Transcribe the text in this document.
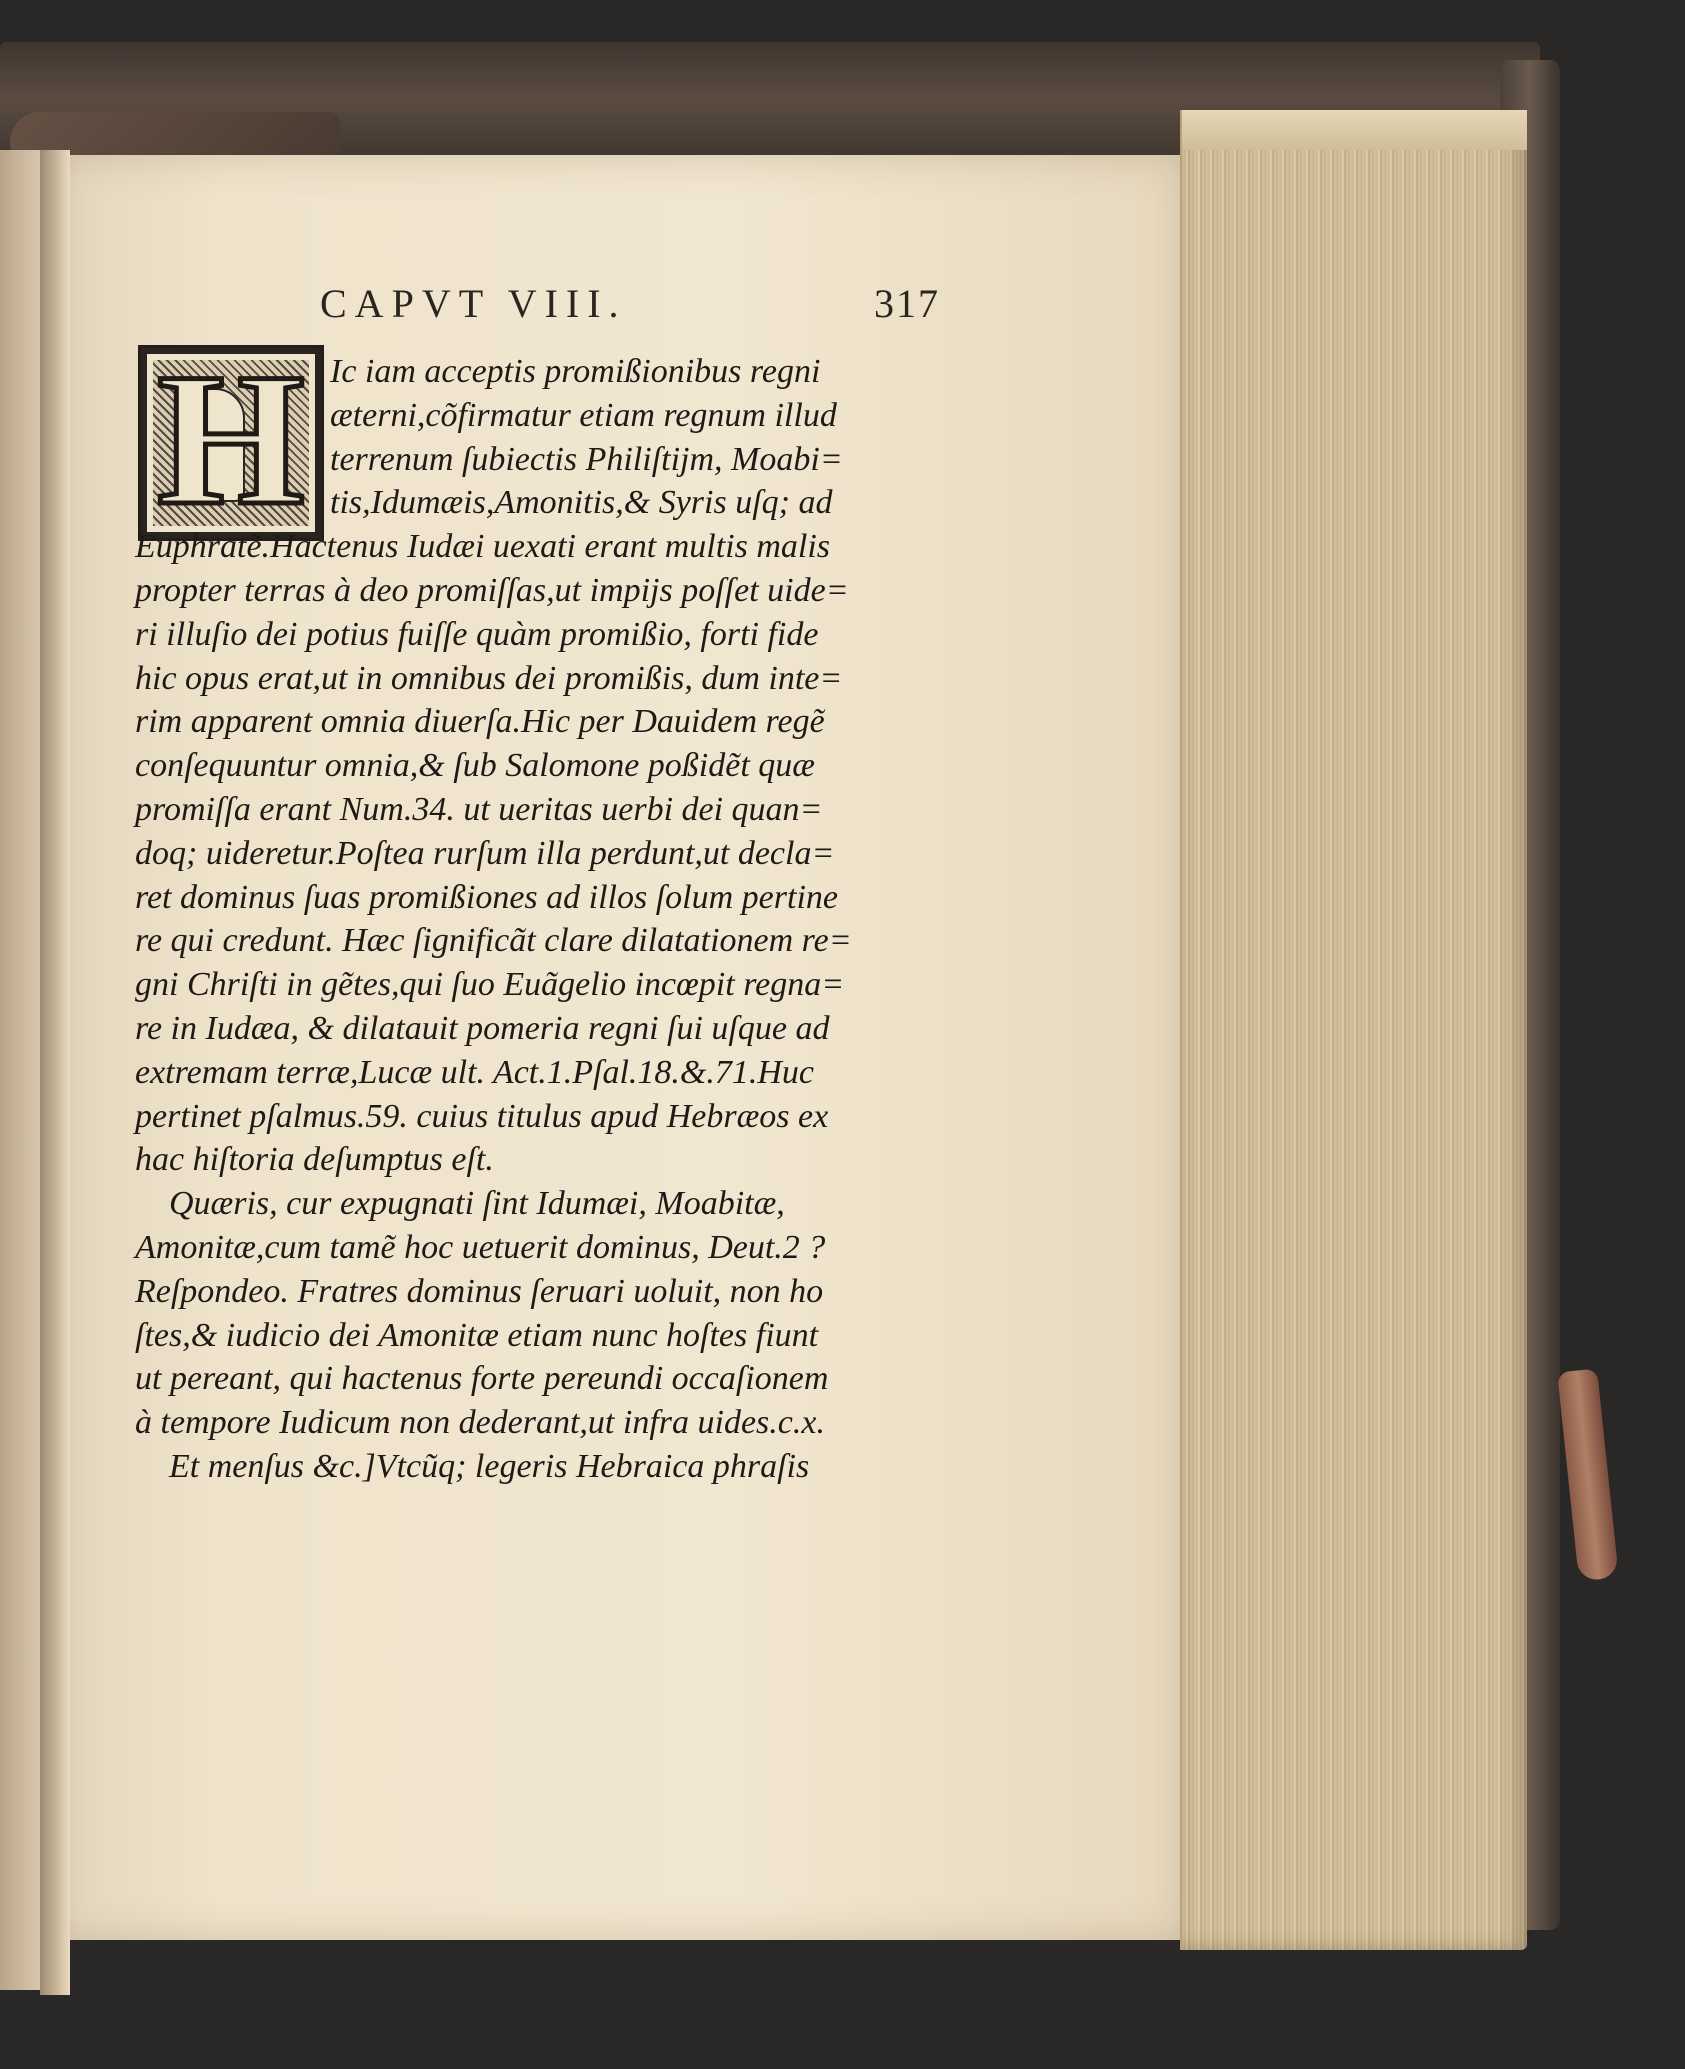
CAPVT VIII.	317
H Ic iam acceptis promißionibus regni
æterni,cõfirmatur etiam regnum illud
terrenum ſubiectis Philiſtijm, Moabi=
tis,Idumæis,Amonitis,& Syris uſq; ad
Euphratẽ.Hactenus Iudæi uexati erant multis malis
propter terras à deo promiſſas,ut impijs poſſet uide=
ri illuſio dei potius fuiſſe quàm promißio, forti fide
hic opus erat,ut in omnibus dei promißis, dum inte=
rim apparent omnia diuerſa.Hic per Dauidem regẽ
conſequuntur omnia,& ſub Salomone poßidẽt quæ
promiſſa erant Num.34. ut ueritas uerbi dei quan=
doq; uideretur.Poſtea rurſum illa perdunt,ut decla=
ret dominus ſuas promißiones ad illos ſolum pertine
re qui credunt. Hæc ſignificãt clare dilatationem re=
gni Chriſti in gẽtes,qui ſuo Euãgelio incœpit regna=
re in Iudæa, & dilatauit pomeria regni ſui uſque ad
extremam terræ,Lucæ ult. Act.1.Pſal.18.&.71.Huc
pertinet pſalmus.59. cuius titulus apud Hebræos ex
hac hiſtoria deſumptus eſt.
Quæris, cur expugnati ſint Idumæi, Moabitæ,
Amonitæ,cum tamẽ hoc uetuerit dominus, Deut.2 ?
Reſpondeo. Fratres dominus ſeruari uoluit, non ho
ſtes,& iudicio dei Amonitæ etiam nunc hoſtes fiunt
ut pereant, qui hactenus forte pereundi occaſionem
à tempore Iudicum non dederant,ut infra uides.c.x.
Et menſus &c.]Vtcũq; legeris Hebraica phraſis
